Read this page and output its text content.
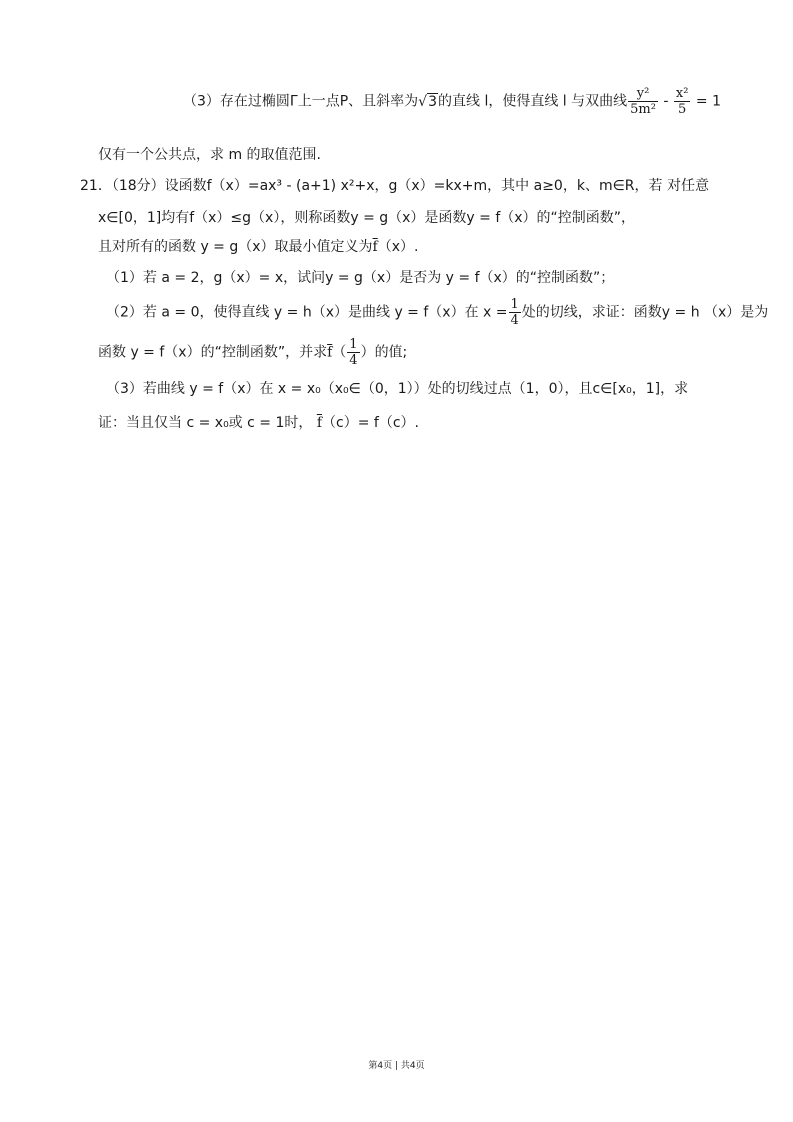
（3）存在过椭圆Γ上一点P、且斜率为√3的直线 l，使得直线 l 与双曲线 $\frac{\text{y²}}{\text{5m²}} - \frac{\text{x²}}{5} = 1$
仅有一个公共点，求 m 的取值范围.
21．（18分）设函数f（x）=ax³ - (a+1) x²+x，g（x）=kx+m，其中 a≥0，k、m∈R，若 对任意
x∈[0，1]均有f（x）≤g（x），则称函数y = g（x）是函数y = f（x）的“控制函数”，
且对所有的函数 y = g（x）取最小值定义为$\overline{f}(x)$.
（1）若 a = 2，g（x）= x，试问y = g（x）是否为 y = f（x）的“控制函数”；
（2）若 a = 0，使得直线 y = h（x）是曲线 y = f（x）在 $x = \frac{1}{4}$ 处的切线，求证：函数y = h （x）是为
函数 y = f（x）的“控制函数”，并求$\overline{f}( \frac{1}{4}$ ）的值;
（3）若曲线 y = f（x）在 x = x₀（x₀∈（0，1））处的切线过点（1，0），且c∈[x₀，1]，求
证：当且仅当 c = x₀或 c = 1时， $\overline{f}(c)= f(c)$.
第4页 | 共4页
